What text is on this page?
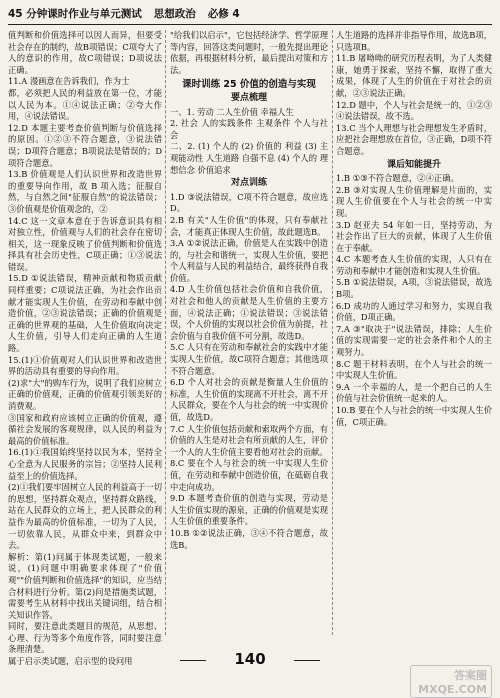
45 分钟课时作业与单元测试 思想政治 必修 4

值判断和价值选择可以因人而异，但要受社会存在的制约，故B项错误；C项夸大了人的意识的作用，故C项错误；D项说法正确。

11.A 漫画意在告诉我们，作为士

都，必须把人民的利益放在第一位，才能以人民为本。①④说法正确；②夸大作用，④说法错误。

12.D 本题主要考查价值判断与价值选择的原因。①②③不符合题意，③说法错误；D项符合题意；B项说法是错误的；D项符合题意。

13.B 价值观是人们认识世界和改造世界的重要导向作用，故 B 项入选；征服自然，与自然之间"征服自然"的说法错误；③价值观是价值观念的，②

14.C 这一文章本意在于告诉意识具有相对独立性，价值观与人们的社会存在密切相关，这一现象反映了价值判断和价值选择具有社会历史性，C项正确；①③说法错误。

15.D ①说法错误，精神贡献和物质贡献同样重要；C项说法正确，为社会作出贡献才能实现人生价值，在劳动和奉献中创造价值，②③说法错误；正确的价值观是正确的世界观的基础，人生价值取向决定人生价值，引导人们走向正确的人生道路。

15.(1)①价值观对人们认识世界和改造世界的活动具有重要的导向作用。

(2)求"大"的购车行为，说明了我们应树立正确的价值观，正确的价值观引领美好的消费观。

③国家和政府应该树立正确的价值观，遵循社会发展的客观规律，以人民的利益为最高的价值标准。

16.(1)①我国始终坚持以民为本，坚持全心全意为人民服务的宗旨；②坚持人民利益至上的价值选择。

(2)①我们要牢固树立人民的利益高于一切的思想，坚持群众观点，坚持群众路线，站在人民群众的立场上，把人民群众的利益作为最高的价值标准，一切为了人民，一切依靠人民，从群众中来，到群众中去。

解析：第(1)问属于体现类试题，一般来说，(1)问题中明确要求体现了"价值观""价值判断和价值选择"的知识，应当结合材料进行分析。第(2)问是措施类试题，需要考生从材料中找出关键词组，结合相关知识作答。

同时，要注意此类题目的规范，从思想、心理、行为等多个角度作答，同时要注意条理清楚。

属于启示类试题，启示型的设问用

"给我们以启示"，它包括经济学、哲学原理等内容，回答这类问题时，一般先提出理论依据，再根据材料分析，最后提出对策和方法。

课时训练 25 价值的创造与实现
要点梳理

一、1. 劳动 二人生价值 幸福人生

2. 社会 人的实践条件 主观条件 个人与社会

二、2. (1) 个人的 (2) 价值的 利益 (3) 主观能动性 人生道路 自强不息 (4) 个人的 理想信念 价值追求

对点训练

1.D ③说法错误，C项不符合题意，故应选D。

2.B 有关"人生价值"的体现，只有奉献社会，才能真正体现人生价值，故此题选B。

3.A ①②说法正确，价值是人在实践中创造的，与社会和谐统一，实现人生价值，要把个人利益与人民的利益结合，最终获得自我价值。

4.D 人生价值包括社会价值和自我价值，对社会和他人的贡献是人生价值的主要方面，④说法正确；①说法错误；③说法错误，个人价值的实现以社会价值为前提，社会价值与自我价值不可分割，故选D。

5.C 人只有在劳动和奉献社会的实践中才能实现人生价值，故C项符合题意；其他选项不符合题意。

6.D 个人对社会的贡献是衡量人生价值的标准，人生价值的实现离不开社会，离不开人民群众，要在个人与社会的统一中实现价值，故选D。

7.C 人生价值包括贡献和索取两个方面，有价值的人生是对社会有所贡献的人生，评价一个人的人生价值主要看他对社会的贡献。

8.C 要在个人与社会的统一中实现人生价值，在劳动和奉献中创造价值，在砥砺自我中走向成功。

9.D 本题考查价值的创造与实现，劳动是人生价值实现的源泉，正确的价值观是实现人生价值的重要条件。

10.B ①②说法正确，③④不符合题意，故选B。

人生道路的选择并非指导作用，故选B项，只选项B。

11.B 屠呦呦的研究历程表明，为了人类健康，她勇于探索，坚持不懈，取得了重大成果，体现了人生的价值在于对社会的贡献，②③说法正确。

12.D 题中，个人与社会是统一的，①②③④说法错误，故不选。

13.C 当个人理想与社会理想发生矛盾时，应把社会理想放在首位，③正确，D项不符合题意。

课后知能提升

1.B ①③不符合题意，②④正确。

2.B ③对实现人生价值理解是片面的，实现人生价值要在个人与社会的统一中实现。

3.D 赵亚夫 54 年如一日，坚持劳动，为社会作出了巨大的贡献，体现了人生价值在于奉献。

4.C 本题考查人生价值的实现，人只有在劳动和奉献中才能创造和实现人生价值。

5.B ①说法错误，A项，③说法错误，故选B项。

6.D 成功的人通过学习和努力，实现自我价值，D项正确。

7.A ③"取决于"说法错误，排除；人生价值的实现需要一定的社会条件和个人的主观努力。

8.C 题干材料表明，在个人与社会的统一中实现人生价值。

9.A 一个幸福的人，是一个把自己的人生价值与社会价值统一起来的人。

10.B 要在个人与社会的统一中实现人生价值，C项正确。

140
答案圈 MXQE.COM
